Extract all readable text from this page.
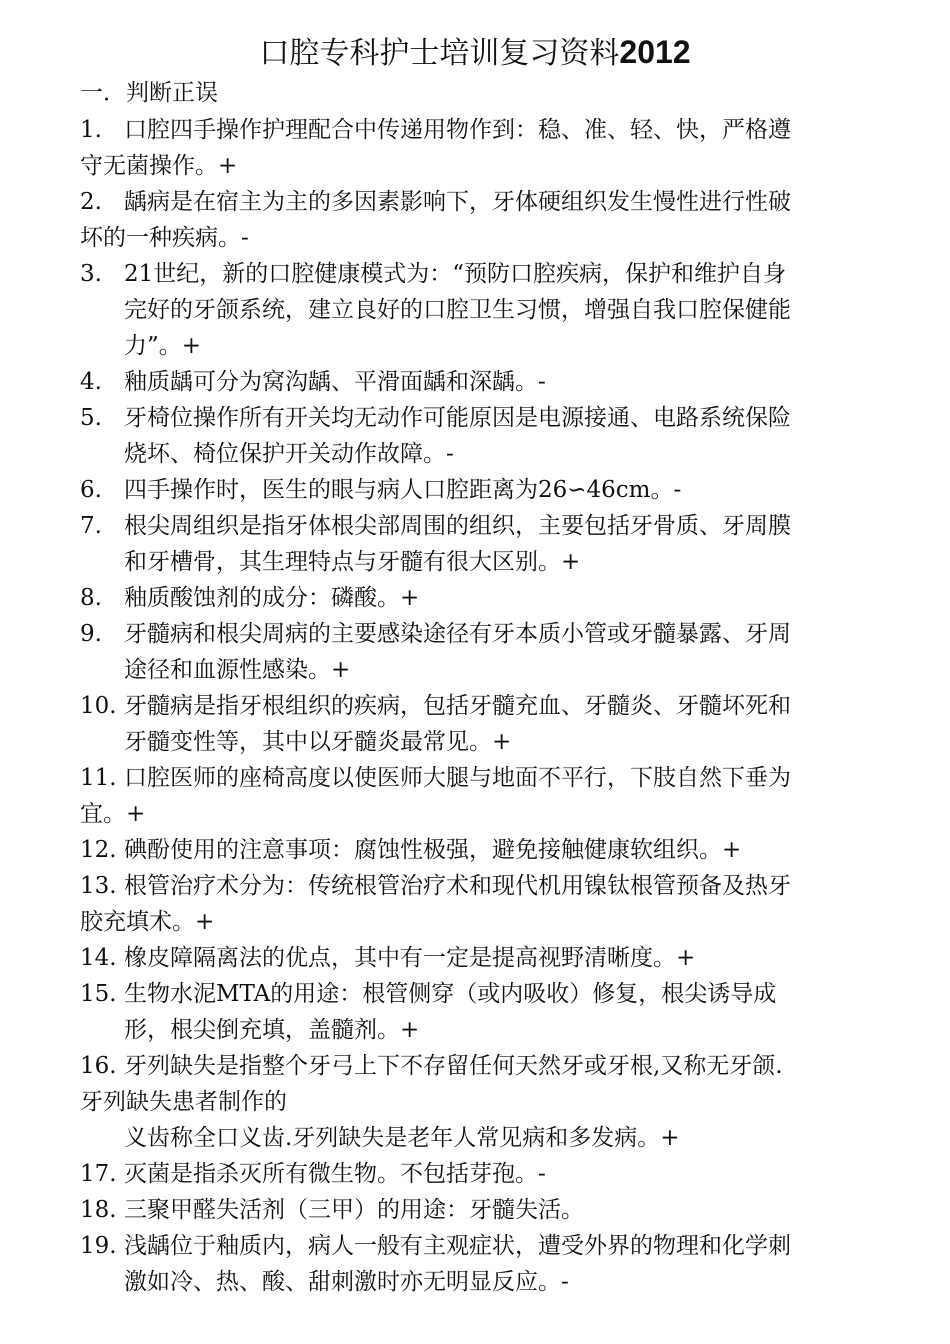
口腔专科护士培训复习资料2012
一．判断正误
1. 口腔四手操作护理配合中传递用物作到：稳、准、轻、快，严格遵
守无菌操作。+
2. 龋病是在宿主为主的多因素影响下，牙体硬组织发生慢性进行性破
坏的一种疾病。-
3. 21世纪，新的口腔健康模式为：“预防口腔疾病，保护和维护自身
完好的牙颌系统，建立良好的口腔卫生习惯，增强自我口腔保健能
力”。+
4. 釉质龋可分为窝沟龋、平滑面龋和深龋。-
5. 牙椅位操作所有开关均无动作可能原因是电源接通、电路系统保险
烧坏、椅位保护开关动作故障。-
6. 四手操作时，医生的眼与病人口腔距离为26∽46cm。-
7. 根尖周组织是指牙体根尖部周围的组织，主要包括牙骨质、牙周膜
和牙槽骨，其生理特点与牙髓有很大区别。+
8. 釉质酸蚀剂的成分：磷酸。+
9. 牙髓病和根尖周病的主要感染途径有牙本质小管或牙髓暴露、牙周
途径和血源性感染。+
10. 牙髓病是指牙根组织的疾病，包括牙髓充血、牙髓炎、牙髓坏死和
牙髓变性等，其中以牙髓炎最常见。+
11. 口腔医师的座椅高度以使医师大腿与地面不平行，下肢自然下垂为
宜。+
12. 碘酚使用的注意事项：腐蚀性极强，避免接触健康软组织。+
13. 根管治疗术分为：传统根管治疗术和现代机用镍钛根管预备及热牙
胶充填术。+
14. 橡皮障隔离法的优点，其中有一定是提高视野清晰度。+
15. 生物水泥MTA的用途：根管侧穿（或内吸收）修复，根尖诱导成
形，根尖倒充填，盖髓剂。+
16. 牙列缺失是指整个牙弓上下不存留任何天然牙或牙根,又称无牙颌.
牙列缺失患者制作的
义齿称全口义齿.牙列缺失是老年人常见病和多发病。+
17. 灭菌是指杀灭所有微生物。不包括芽孢。-
18. 三聚甲醛失活剂（三甲）的用途：牙髓失活。
19. 浅龋位于釉质内，病人一般有主观症状，遭受外界的物理和化学刺
激如冷、热、酸、甜刺激时亦无明显反应。-
